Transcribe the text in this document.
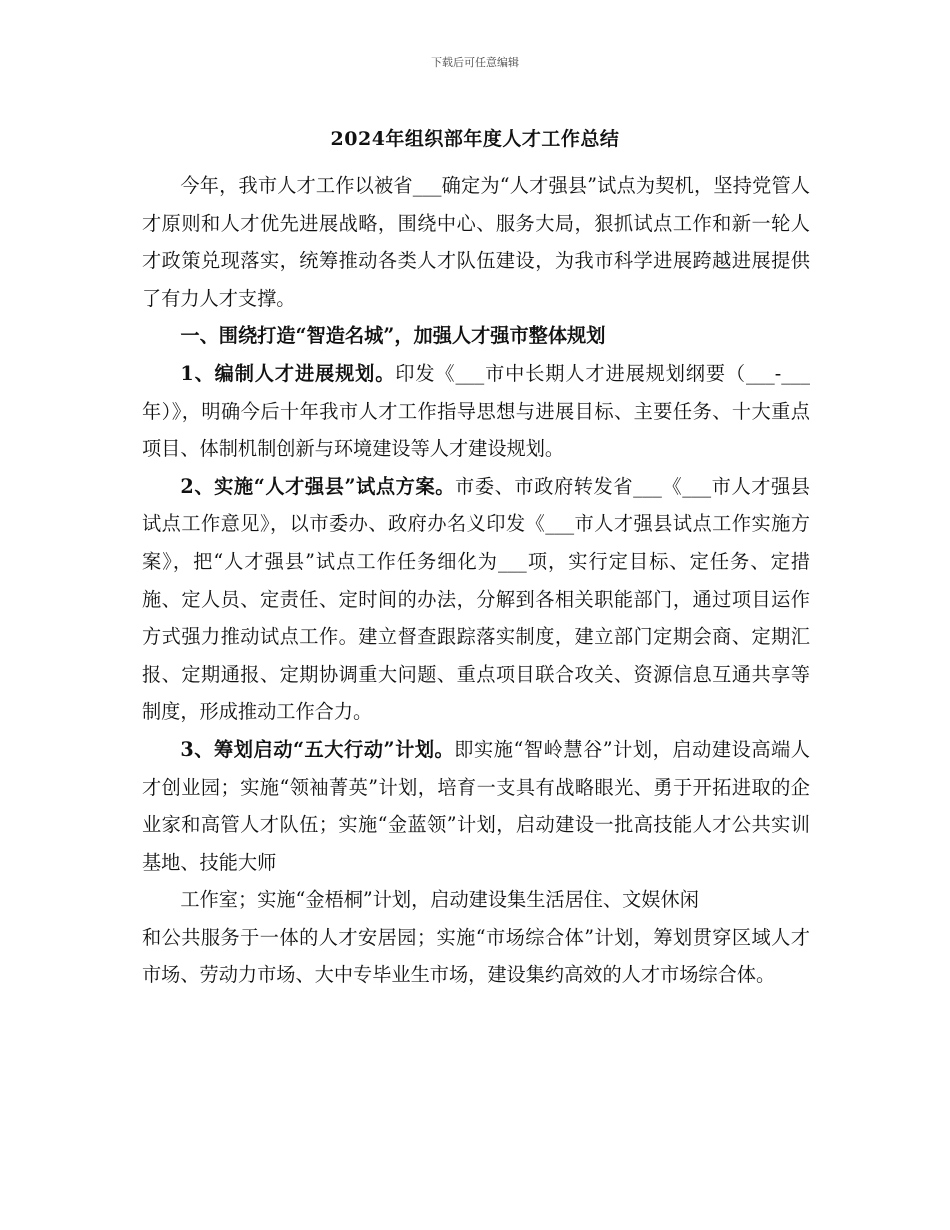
下载后可任意编辑
2024年组织部年度人才工作总结

今年，我市人才工作以被省___确定为“人才强县”试点为契机，坚持党管人才原则和人才优先进展战略，围绕中心、服务大局，狠抓试点工作和新一轮人才政策兑现落实，统筹推动各类人才队伍建设，为我市科学进展跨越进展提供了有力人才支撑。

一、围绕打造“智造名城”，加强人才强市整体规划

1、编制人才进展规划。印发《___市中长期人才进展规划纲要（___-___年）》，明确今后十年我市人才工作指导思想与进展目标、主要任务、十大重点项目、体制机制创新与环境建设等人才建设规划。

2、实施“人才强县”试点方案。市委、市政府转发省___《___市人才强县试点工作意见》，以市委办、政府办名义印发《___市人才强县试点工作实施方案》，把“人才强县”试点工作任务细化为___项，实行定目标、定任务、定措施、定人员、定责任、定时间的办法，分解到各相关职能部门，通过项目运作方式强力推动试点工作。建立督查跟踪落实制度，建立部门定期会商、定期汇报、定期通报、定期协调重大问题、重点项目联合攻关、资源信息互通共享等制度，形成推动工作合力。

3、筹划启动“五大行动”计划。即实施“智岭慧谷”计划，启动建设高端人才创业园；实施“领袖菁英”计划，培育一支具有战略眼光、勇于开拓进取的企业家和高管人才队伍；实施“金蓝领”计划，启动建设一批高技能人才公共实训基地、技能大师

工作室；实施“金梧桐”计划，启动建设集生活居住、文娱休闲
和公共服务于一体的人才安居园；实施“市场综合体”计划，筹划贯穿区域人才市场、劳动力市场、大中专毕业生市场，建设集约高效的人才市场综合体。
